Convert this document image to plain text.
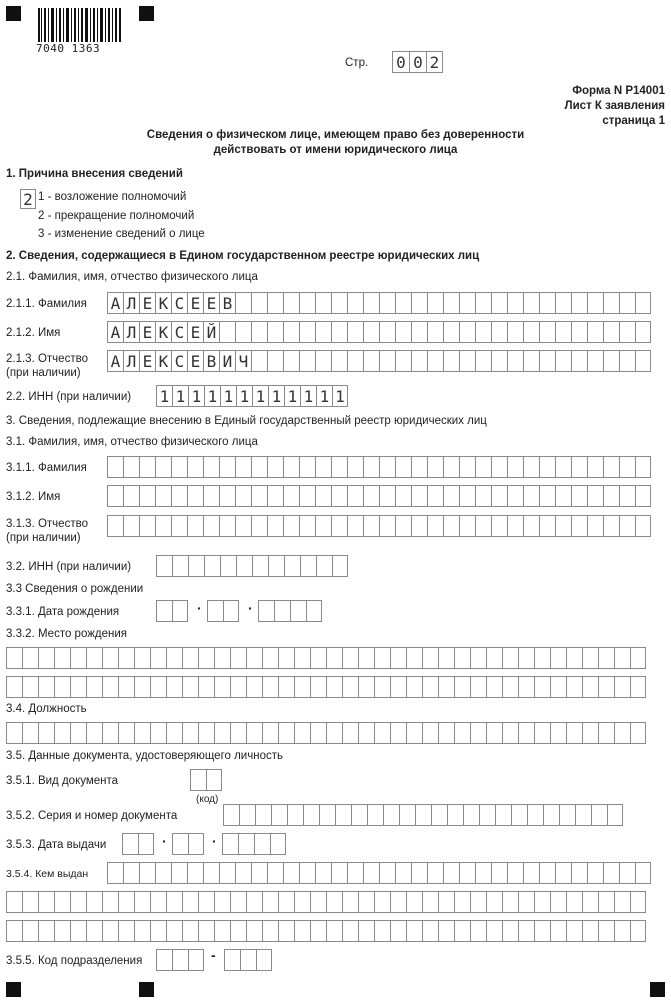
7040 1363
Стр. 0 0 2
Форма N Р14001
Лист К заявления
страница 1
Сведения о физическом лице, имеющем право без доверенности
действовать от имени юридического лица
1. Причина внесения сведений
2 1 - возложение полномочий
2 - прекращение полномочий
3 - изменение сведений о лице
2. Сведения, содержащиеся в Едином государственном реестре юридических лиц
2.1. Фамилия, имя, отчество физического лица
2.1.1. Фамилия А Л Е К С Е Е В
2.1.2. Имя	А Л Е К С Е Й
2.1.3. Отчество
(при наличии)
А Л Е К С Е В И Ч
2.2. ИНН (при наличии) 1 1 1 1 1 1 1 1 1 1 1 1
3. Сведения, подлежащие внесению в Единый государственный реестр юридических лиц
3.1. Фамилия, имя, отчество физического лица
3.1.1. Фамилия
3.1.2. Имя
3.1.3. Отчество
(при наличии)
3.2. ИНН (при наличии)
3.3 Сведения о рождении
3.3.1. Дата рождения	·	·
3.3.2. Место рождения
3.4. Должность
3.5. Данные документа, удостоверяющего личность
3.5.1. Вид документа
(код)
3.5.2. Серия и номер документа
3.5.3. Дата выдачи	·	·
3.5.4. Кем выдан
3.5.5. Код подразделения	-
